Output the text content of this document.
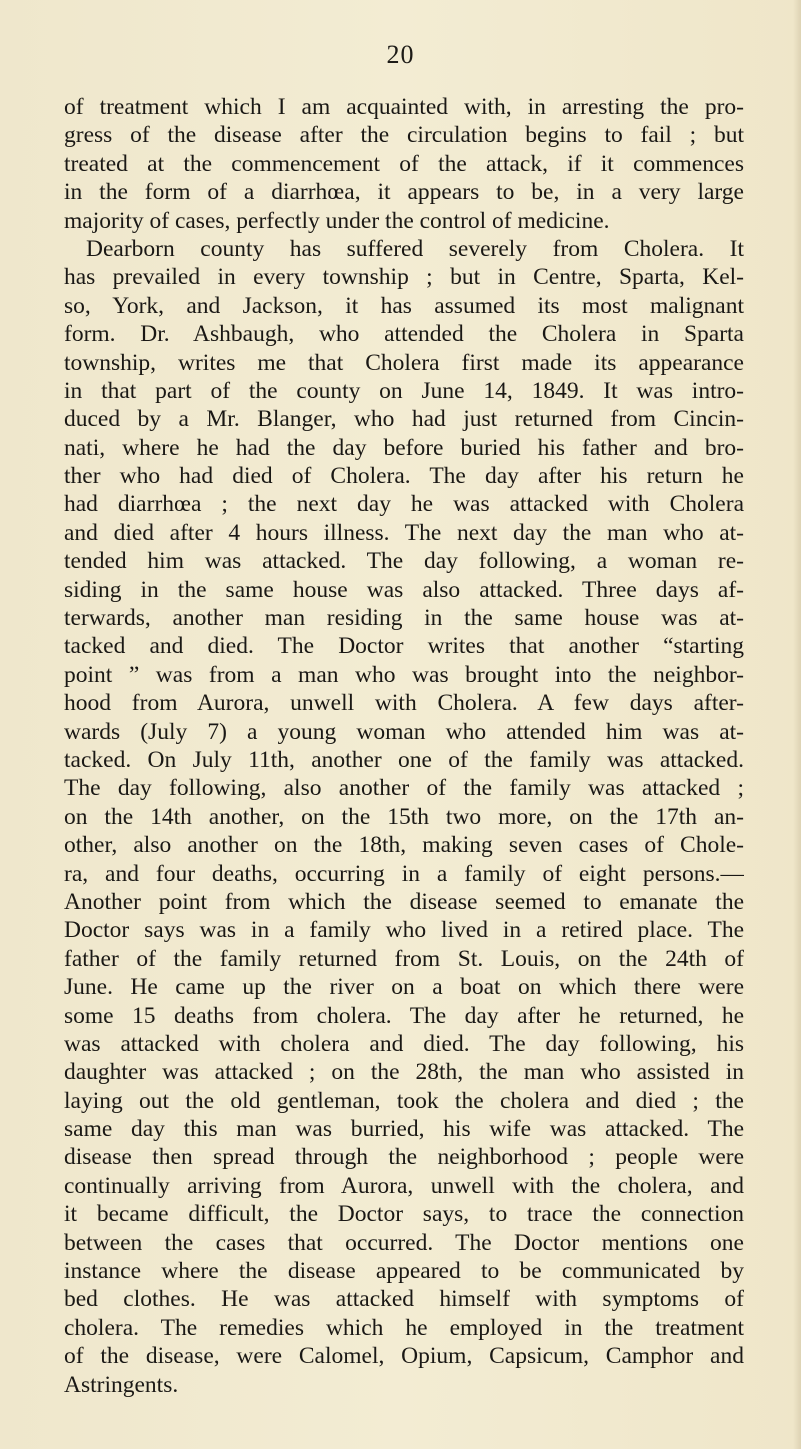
20
of treatment which I am acquainted with, in arresting the pro-
gress of the disease after the circulation begins to fail ; but
treated at the commencement of the attack, if it commences
in the form of a diarrhœa, it appears to be, in a very large
majority of cases, perfectly under the control of medicine.
Dearborn county has suffered severely from Cholera. It
has prevailed in every township ; but in Centre, Sparta, Kel-
so, York, and Jackson, it has assumed its most malignant
form. Dr. Ashbaugh, who attended the Cholera in Sparta
township, writes me that Cholera first made its appearance
in that part of the county on June 14, 1849. It was intro-
duced by a Mr. Blanger, who had just returned from Cincin-
nati, where he had the day before buried his father and bro-
ther who had died of Cholera. The day after his return he
had diarrhœa ; the next day he was attacked with Cholera
and died after 4 hours illness. The next day the man who at-
tended him was attacked. The day following, a woman re-
siding in the same house was also attacked. Three days af-
terwards, another man residing in the same house was at-
tacked and died. The Doctor writes that another “starting
point ” was from a man who was brought into the neighbor-
hood from Aurora, unwell with Cholera. A few days after-
wards (July 7) a young woman who attended him was at-
tacked. On July 11th, another one of the family was attacked.
The day following, also another of the family was attacked ;
on the 14th another, on the 15th two more, on the 17th an-
other, also another on the 18th, making seven cases of Chole-
ra, and four deaths, occurring in a family of eight persons.—
Another point from which the disease seemed to emanate the
Doctor says was in a family who lived in a retired place. The
father of the family returned from St. Louis, on the 24th of
June. He came up the river on a boat on which there were
some 15 deaths from cholera. The day after he returned, he
was attacked with cholera and died. The day following, his
daughter was attacked ; on the 28th, the man who assisted in
laying out the old gentleman, took the cholera and died ; the
same day this man was burried, his wife was attacked. The
disease then spread through the neighborhood ; people were
continually arriving from Aurora, unwell with the cholera, and
it became difficult, the Doctor says, to trace the connection
between the cases that occurred. The Doctor mentions one
instance where the disease appeared to be communicated by
bed clothes. He was attacked himself with symptoms of
cholera. The remedies which he employed in the treatment
of the disease, were Calomel, Opium, Capsicum, Camphor and
Astringents.
